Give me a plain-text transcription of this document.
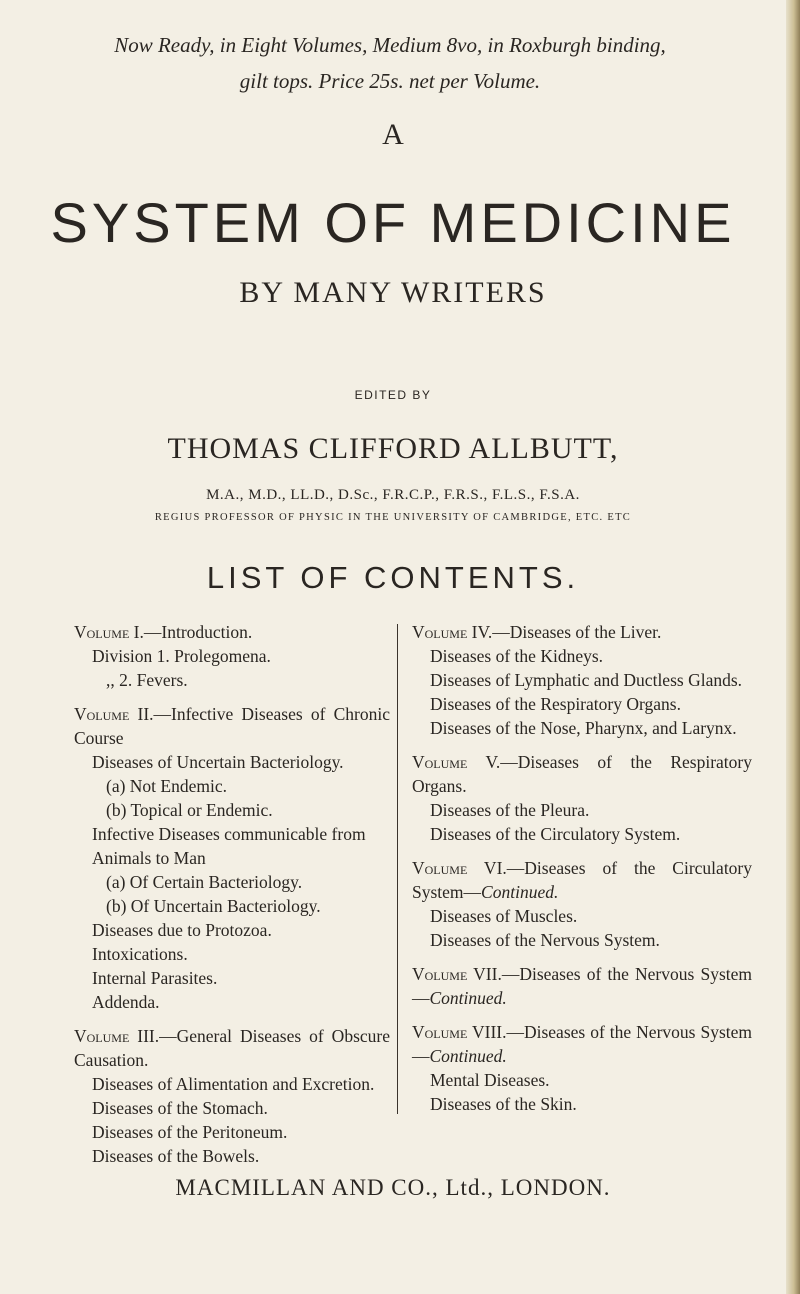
Now Ready, in Eight Volumes, Medium 8vo, in Roxburgh binding,
gilt tops. Price 25s. net per Volume.
A
SYSTEM OF MEDICINE
BY MANY WRITERS
EDITED BY
THOMAS CLIFFORD ALLBUTT,
M.A., M.D., LL.D., D.Sc., F.R.C.P., F.R.S., F.L.S., F.S.A.
REGIUS PROFESSOR OF PHYSIC IN THE UNIVERSITY OF CAMBRIDGE, ETC. ETC
LIST OF CONTENTS.
Volume I.—Introduction.
Division 1. Prolegomena.
,, 2. Fevers.
Volume II.—Infective Diseases of Chronic Course
Diseases of Uncertain Bacteriology.
(a) Not Endemic.
(b) Topical or Endemic.
Infective Diseases communicable from Animals to Man
(a) Of Certain Bacteriology.
(b) Of Uncertain Bacteriology.
Diseases due to Protozoa.
Intoxications.
Internal Parasites.
Addenda.
Volume III.—General Diseases of Obscure Causation.
Diseases of Alimentation and Excretion.
Diseases of the Stomach.
Diseases of the Peritoneum.
Diseases of the Bowels.
Volume IV.—Diseases of the Liver.
Diseases of the Kidneys.
Diseases of Lymphatic and Ductless Glands.
Diseases of the Respiratory Organs.
Diseases of the Nose, Pharynx, and Larynx.
Volume V.—Diseases of the Respiratory Organs.
Diseases of the Pleura.
Diseases of the Circulatory System.
Volume VI.—Diseases of the Circulatory System—Continued.
Diseases of Muscles.
Diseases of the Nervous System.
Volume VII.—Diseases of the Nervous System—Continued.
Volume VIII.—Diseases of the Nervous System—Continued.
Mental Diseases.
Diseases of the Skin.
MACMILLAN AND CO., Ltd., LONDON.
